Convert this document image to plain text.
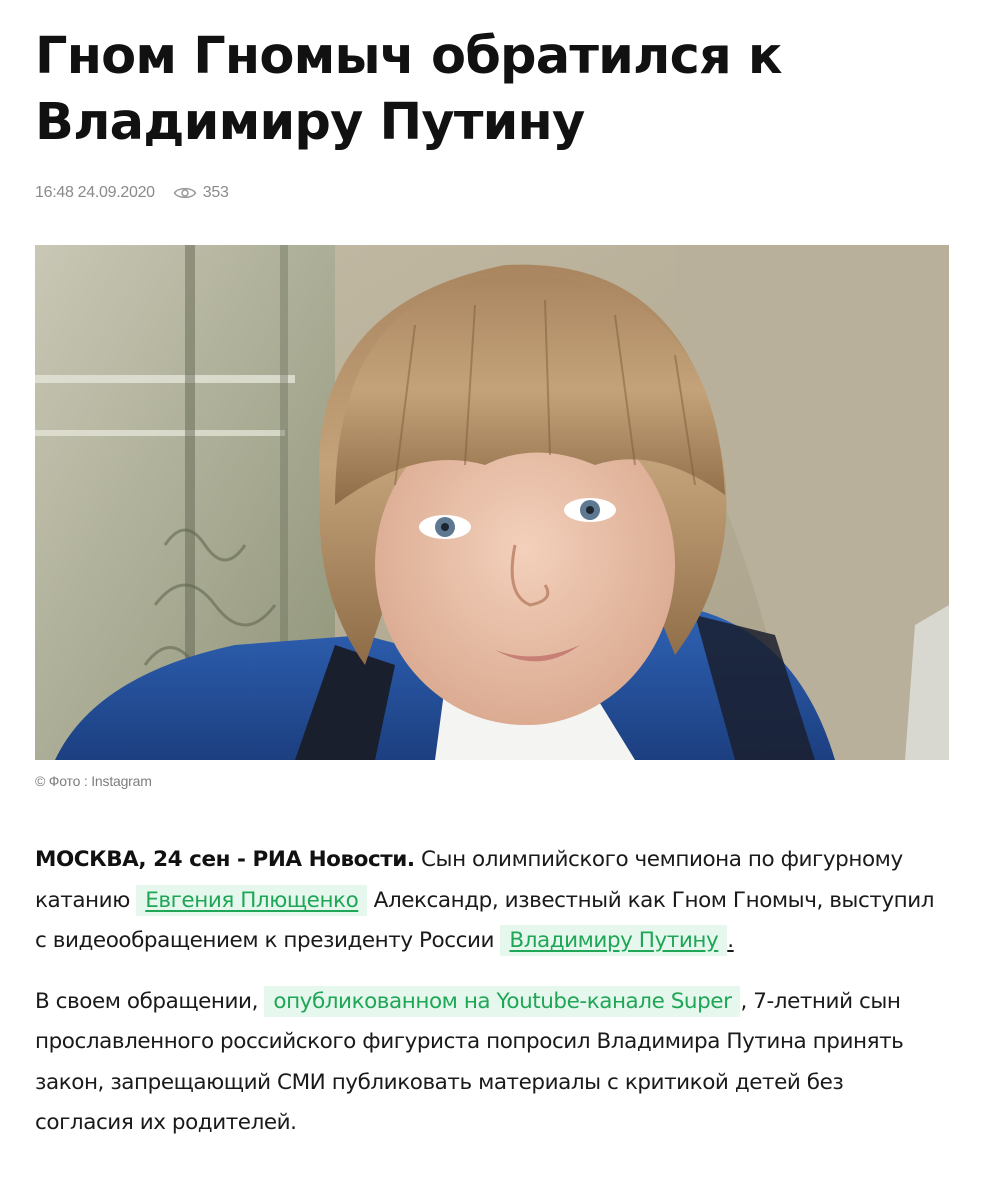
Гном Гномыч обратился к Владимиру Путину
16:48 24.09.2020	353
© Фото : Instagram

МОСКВА, 24 сен - РИА Новости. Сын олимпийского чемпиона по фигурному катанию Евгения Плющенко Александр, известный как Гном Гномыч, выступил с видеообращением к президенту России Владимиру Путину .

В своем обращении, опубликованном на Youtube-канале Super , 7-летний сын прославленного российского фигуриста попросил Владимира Путина принять закон, запрещающий СМИ публиковать материалы с критикой детей без согласия их родителей.
